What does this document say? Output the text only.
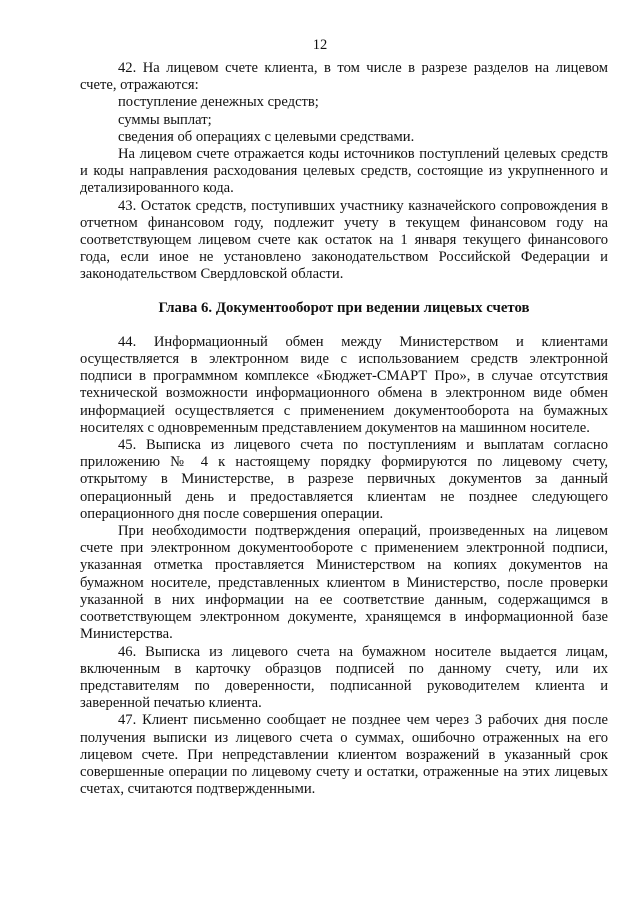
12

42. На лицевом счете клиента, в том числе в разрезе разделов на лицевом счете, отражаются:

поступление денежных средств;

суммы выплат;

сведения об операциях с целевыми средствами.

На лицевом счете отражается коды источников поступлений целевых средств и коды направления расходования целевых средств, состоящие из укрупненного и детализированного кода.

43. Остаток средств, поступивших участнику казначейского сопровождения в отчетном финансовом году, подлежит учету в текущем финансовом году на соответствующем лицевом счете как остаток на 1 января текущего финансового года, если иное не установлено законодательством Российской Федерации и законодательством Свердловской области.

Глава 6. Документооборот при ведении лицевых счетов

44. Информационный обмен между Министерством и клиентами осуществляется в электронном виде с использованием средств электронной подписи в программном комплексе «Бюджет-СМАРТ Про», в случае отсутствия технической возможности информационного обмена в электронном виде обмен информацией осуществляется с применением документооборота на бумажных носителях с одновременным представлением документов на машинном носителе.

45. Выписка из лицевого счета по поступлениям и выплатам согласно приложению № 4 к настоящему порядку формируются по лицевому счету, открытому в Министерстве, в разрезе первичных документов за данный операционный день и предоставляется клиентам не позднее следующего операционного дня после совершения операции.

При необходимости подтверждения операций, произведенных на лицевом счете при электронном документообороте с применением электронной подписи, указанная отметка проставляется Министерством на копиях документов на бумажном носителе, представленных клиентом в Министерство, после проверки указанной в них информации на ее соответствие данным, содержащимся в соответствующем электронном документе, хранящемся в информационной базе Министерства.

46. Выписка из лицевого счета на бумажном носителе выдается лицам, включенным в карточку образцов подписей по данному счету, или их представителям по доверенности, подписанной руководителем клиента и заверенной печатью клиента.

47. Клиент письменно сообщает не позднее чем через 3 рабочих дня после получения выписки из лицевого счета о суммах, ошибочно отраженных на его лицевом счете. При непредставлении клиентом возражений в указанный срок совершенные операции по лицевому счету и остатки, отраженные на этих лицевых счетах, считаются подтвержденными.
